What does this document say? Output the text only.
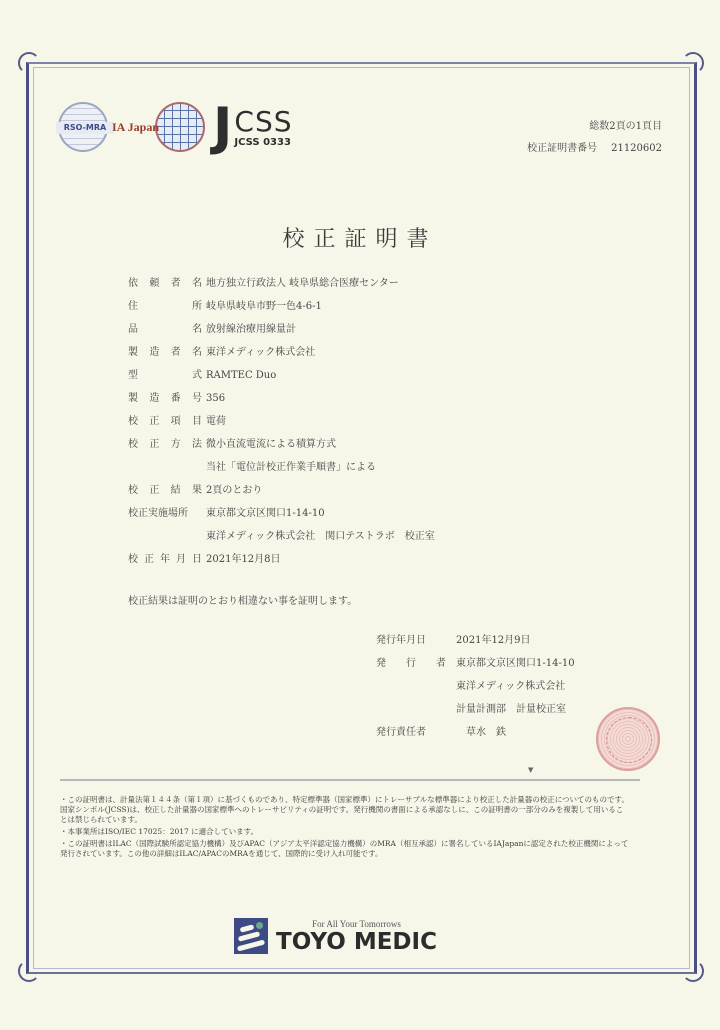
RSO-MRA IA Japan J CSS
JCSS 0333
総数2頁の1頁目
校正証明書番号 21120602
校正証明書
依 頼 者 名 地方独立行政法人 岐阜県総合医療センター
住	所 岐阜県岐阜市野一色4-6-1
品	名 放射線治療用線量計
製 造 者 名 東洋メディック株式会社
型	式 RAMTEC Duo
製 造 番 号 356
校 正 項 目 電荷
校 正 方 法 微小直流電流による積算方式
当社「電位計校正作業手順書」による
校 正 結 果 2頁のとおり
校正実施場所 東京都文京区関口1-14-10
東洋メディック株式会社　関口テストラボ　校正室
校 正 年 月 日 2021年12月8日
校正結果は証明のとおり相違ない事を証明します。
発行年月日	2021年12月9日
発 行 者 東京都文京区関口1-14-10
東洋メディック株式会社
計量計測部　計量校正室
発行責任者	　草水　鉄
▼

・この証明書は、計量法第１４４条（第１項）に基づくものであり、特定標準器（国家標準）にトレーサブルな標準器により校正した計量器の校正についてのものです。国家シンボル(JCSS)は、校正した計量器の国家標準へのトレーサビリティの証明です。発行機関の書面による承認なしに、この証明書の一部分のみを複製して用いることは禁じられています。

・本事業所はISO/IEC 17025：2017 に適合しています。

・この証明書はILAC（国際試験所認定協力機構）及びAPAC（アジア太平洋認定協力機構）のMRA（相互承認）に署名しているIAJapanに認定された校正機関によって発行されています。この他の詳細はILAC/APACのMRAを通じて、国際的に受け入れ可能です。

For All Your Tomorrows
TOYO MEDIC
